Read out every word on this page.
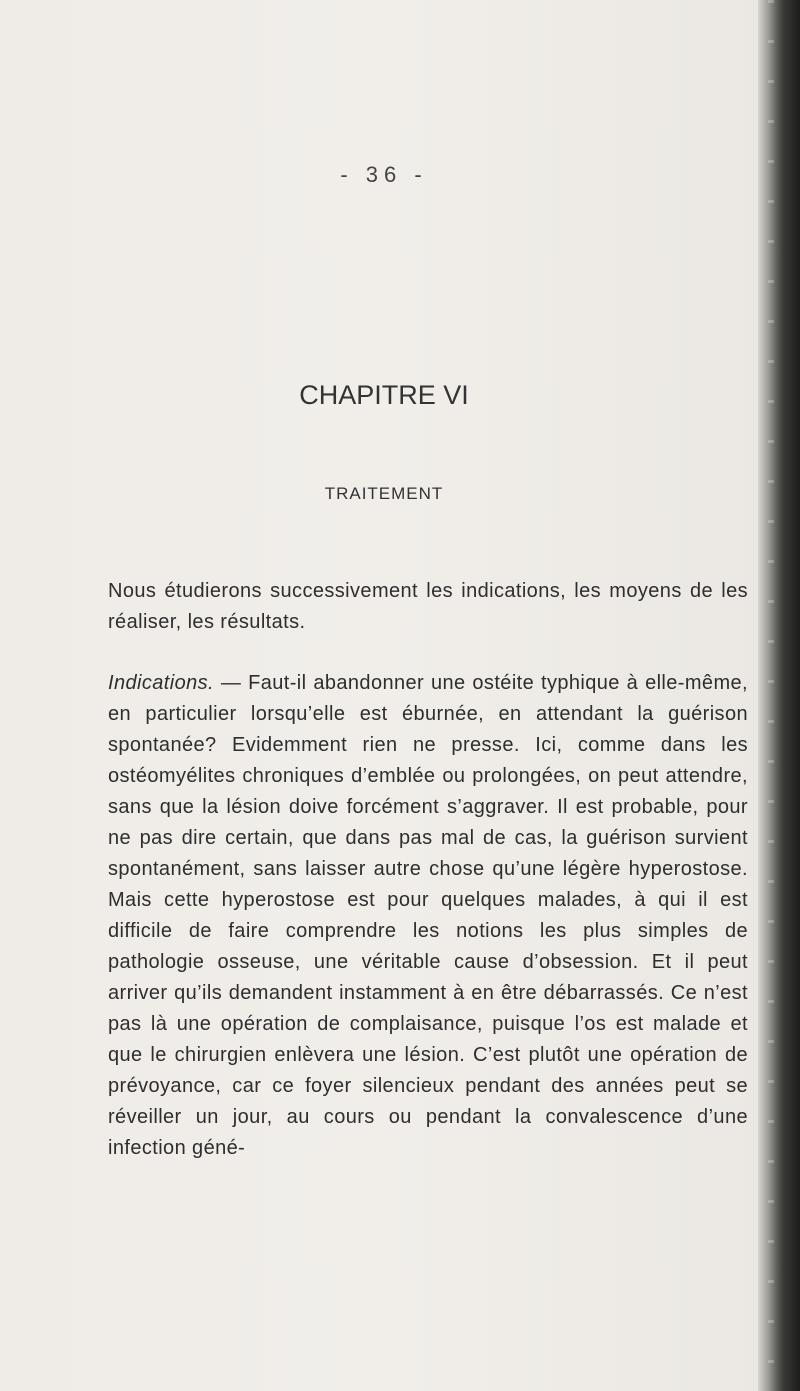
- 36 -

CHAPITRE VI
TRAITEMENT

Nous étudierons successivement les indications, les moyens de les réaliser, les résultats.

Indications. — Faut-il abandonner une ostéite typhique à elle-même, en particulier lorsqu’elle est éburnée, en attendant la guérison spontanée? Evidemment rien ne presse. Ici, comme dans les ostéomyélites chroniques d’emblée ou prolongées, on peut attendre, sans que la lésion doive forcément s’aggraver. Il est probable, pour ne pas dire certain, que dans pas mal de cas, la guérison survient spontanément, sans laisser autre chose qu’une légère hyperostose. Mais cette hyperostose est pour quelques malades, à qui il est difficile de faire comprendre les notions les plus simples de pathologie osseuse, une véritable cause d’obsession. Et il peut arriver qu’ils demandent instamment à en être débarrassés. Ce n’est pas là une opération de complaisance, puisque l’os est malade et que le chirurgien enlèvera une lésion. C’est plutôt une opération de prévoyance, car ce foyer silencieux pendant des années peut se réveiller un jour, au cours ou pendant la convalescence d’une infection géné-
